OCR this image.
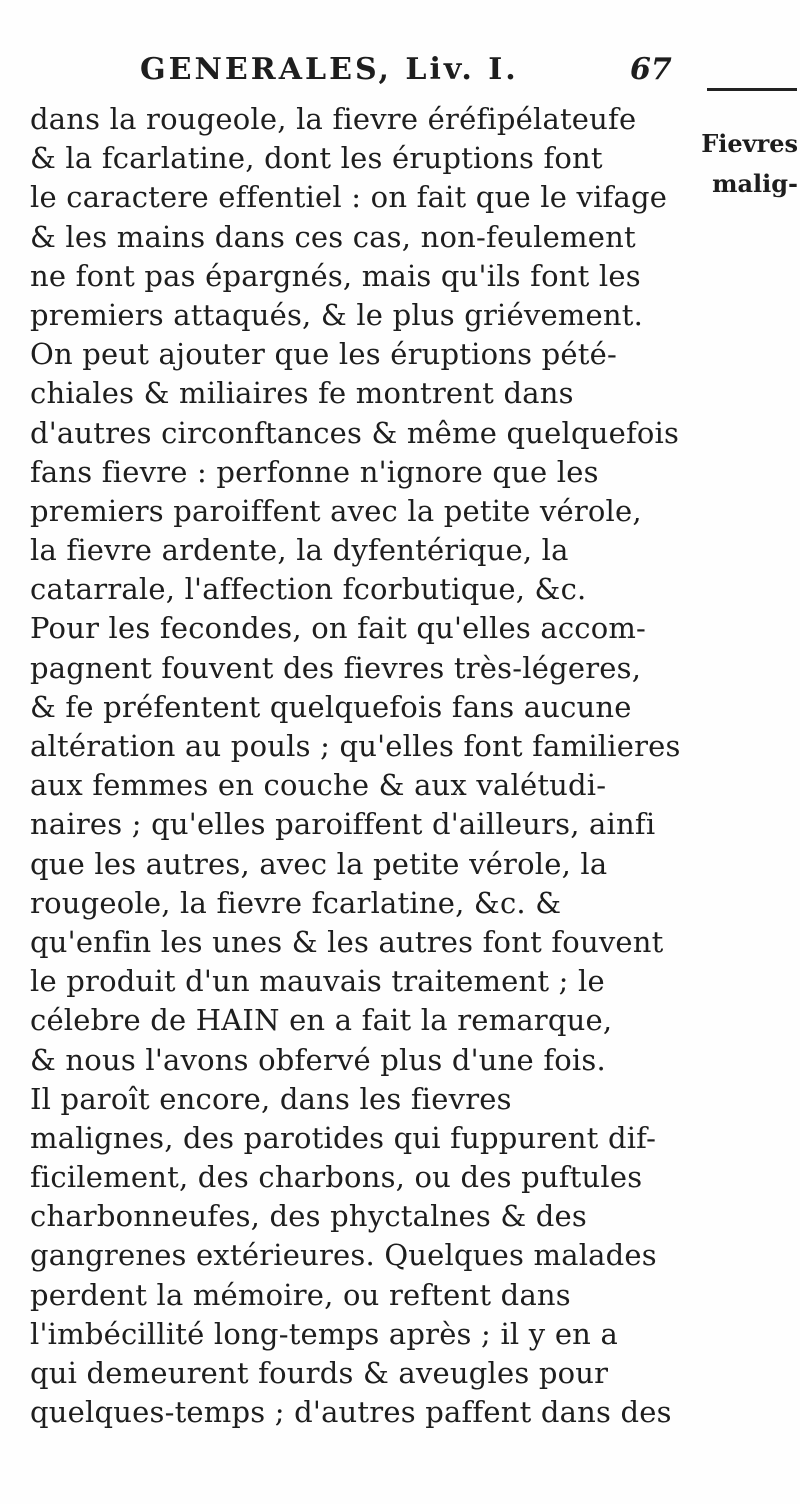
GENERALES, Liv. I.	67
Fievres
malig-
dans la rougeole, la fievre éréfipélateufe
& la fcarlatine, dont les éruptions font
le caractere effentiel : on fait que le vifage
& les mains dans ces cas, non-feulement
ne font pas épargnés, mais qu'ils font les
premiers attaqués, & le plus griévement.
On peut ajouter que les éruptions pété-
chiales & miliaires fe montrent dans
d'autres circonftances & même quelquefois
fans fievre : perfonne n'ignore que les
premiers paroiffent avec la petite vérole,
la fievre ardente, la dyfentérique, la
catarrale, l'affection fcorbutique, &c.
Pour les fecondes, on fait qu'elles accom-
pagnent fouvent des fievres très-légeres,
& fe préfentent quelquefois fans aucune
altération au pouls ; qu'elles font familieres
aux femmes en couche & aux valétudi-
naires ; qu'elles paroiffent d'ailleurs, ainfi
que les autres, avec la petite vérole, la
rougeole, la fievre fcarlatine, &c. &
qu'enfin les unes & les autres font fouvent
le produit d'un mauvais traitement ; le
célebre de HAIN en a fait la remarque,
& nous l'avons obfervé plus d'une fois.
Il paroît encore, dans les fievres
malignes, des parotides qui fuppurent dif-
ficilement, des charbons, ou des puftules
charbonneufes, des phyctalnes & des
gangrenes extérieures. Quelques malades
perdent la mémoire, ou reftent dans
l'imbécillité long-temps après ; il y en a
qui demeurent fourds & aveugles pour
quelques-temps ; d'autres paffent dans des
